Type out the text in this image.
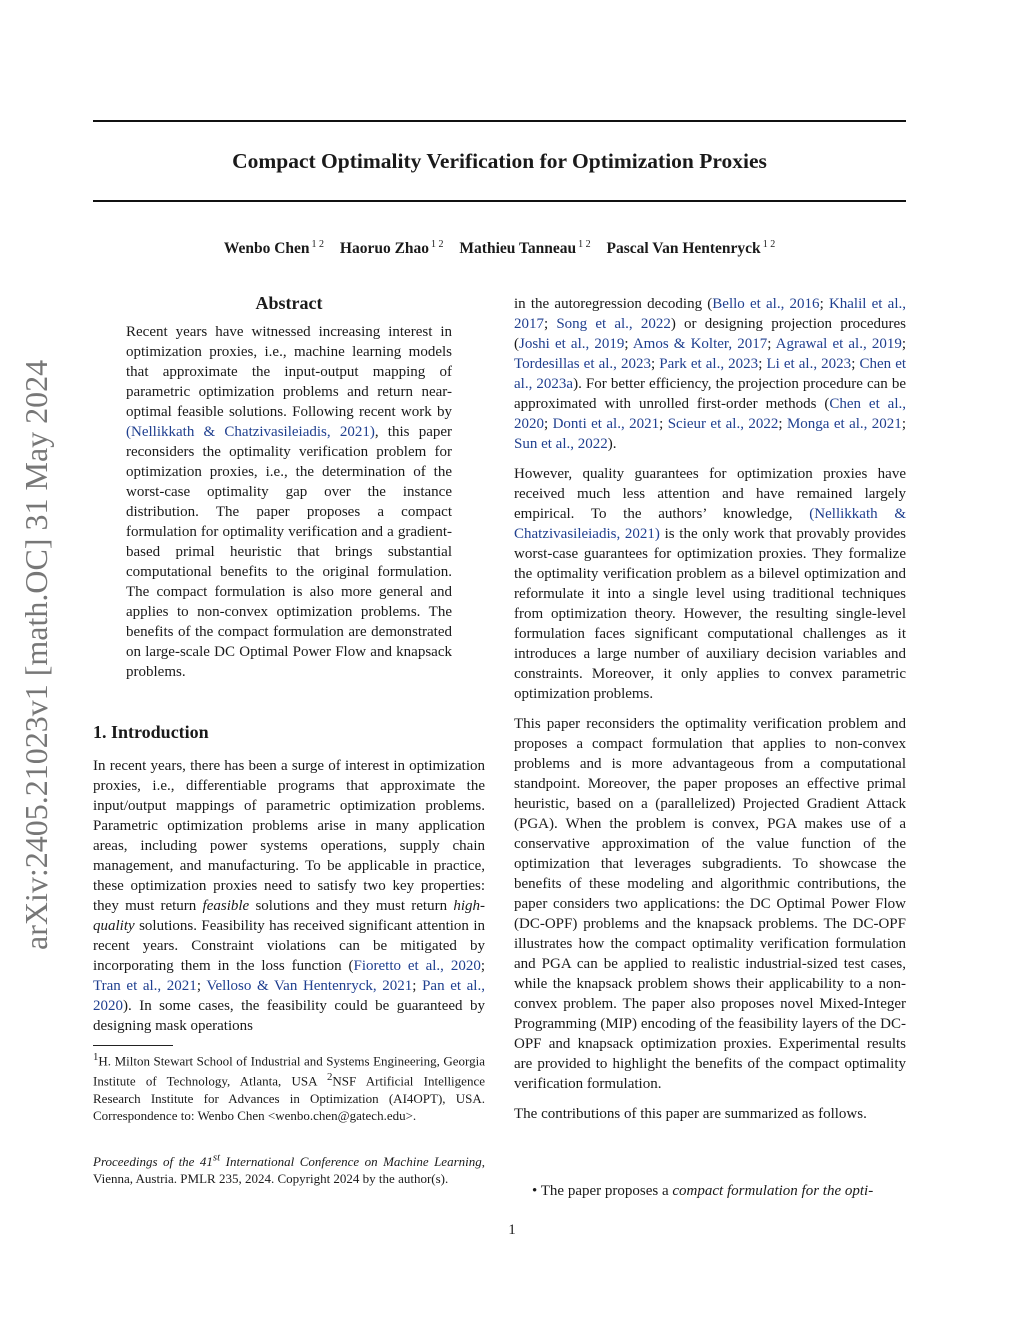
Compact Optimality Verification for Optimization Proxies
Wenbo Chen $^{1 2}$ Haoruo Zhao $^{1 2}$ Mathieu Tanneau $^{1 2}$ Pascal Van Hentenryck $^{1 2}$
arXiv:2405.21023v1 [math.OC] 31 May 2024
Abstract

Recent years have witnessed increasing interest in optimization proxies, i.e., machine learning models that approximate the input-output mapping of parametric optimization problems and return near-optimal feasible solutions. Following recent work by (Nellikkath & Chatzivasileiadis, 2021), this paper reconsiders the optimality verification problem for optimization proxies, i.e., the determination of the worst-case optimality gap over the instance distribution. The paper proposes a compact formulation for optimality verification and a gradient-based primal heuristic that brings substantial computational benefits to the original formulation. The compact formulation is also more general and applies to non-convex optimization problems. The benefits of the compact formulation are demonstrated on large-scale DC Optimal Power Flow and knapsack problems.

1. Introduction

In recent years, there has been a surge of interest in optimization proxies, i.e., differentiable programs that approximate the input/output mappings of parametric optimization problems. Parametric optimization problems arise in many application areas, including power systems operations, supply chain management, and manufacturing. To be applicable in practice, these optimization proxies need to satisfy two key properties: they must return feasible solutions and they must return high-quality solutions. Feasibility has received significant attention in recent years. Constraint violations can be mitigated by incorporating them in the loss function (Fioretto et al., 2020; Tran et al., 2021; Velloso & Van Hentenryck, 2021; Pan et al., 2020). In some cases, the feasibility could be guaranteed by designing mask operations

$^1$H. Milton Stewart School of Industrial and Systems Engineering, Georgia Institute of Technology, Atlanta, USA $^2$NSF Artificial Intelligence Research Institute for Advances in Optimization (AI4OPT), USA. Correspondence to: Wenbo Chen <wenbo.chen@gatech.edu>.
Proceedings of the 41st International Conference on Machine Learning, Vienna, Austria. PMLR 235, 2024. Copyright 2024 by the author(s).

in the autoregression decoding (Bello et al., 2016; Khalil et al., 2017; Song et al., 2022) or designing projection procedures (Joshi et al., 2019; Amos & Kolter, 2017; Agrawal et al., 2019; Tordesillas et al., 2023; Park et al., 2023; Li et al., 2023; Chen et al., 2023a). For better efficiency, the projection procedure can be approximated with unrolled first-order methods (Chen et al., 2020; Donti et al., 2021; Scieur et al., 2022; Monga et al., 2021; Sun et al., 2022).

However, quality guarantees for optimization proxies have received much less attention and have remained largely empirical. To the authors’ knowledge, (Nellikkath & Chatzivasileiadis, 2021) is the only work that provably provides worst-case guarantees for optimization proxies. They formalize the optimality verification problem as a bilevel optimization and reformulate it into a single level using traditional techniques from optimization theory. However, the resulting single-level formulation faces significant computational challenges as it introduces a large number of auxiliary decision variables and constraints. Moreover, it only applies to convex parametric optimization problems.

This paper reconsiders the optimality verification problem and proposes a compact formulation that applies to non-convex problems and is more advantageous from a computational standpoint. Moreover, the paper proposes an effective primal heuristic, based on a (parallelized) Projected Gradient Attack (PGA). When the problem is convex, PGA makes use of a conservative approximation of the value function of the optimization that leverages subgradients. To showcase the benefits of these modeling and algorithmic contributions, the paper considers two applications: the DC Optimal Power Flow (DC-OPF) problems and the knapsack problems. The DC-OPF illustrates how the compact optimality verification formulation and PGA can be applied to realistic industrial-sized test cases, while the knapsack problem shows their applicability to a non-convex problem. The paper also proposes novel Mixed-Integer Programming (MIP) encoding of the feasibility layers of the DC-OPF and knapsack optimization proxies. Experimental results are provided to highlight the benefits of the compact optimality verification formulation.

The contributions of this paper are summarized as follows.

• The paper proposes a compact formulation for the opti-
1
